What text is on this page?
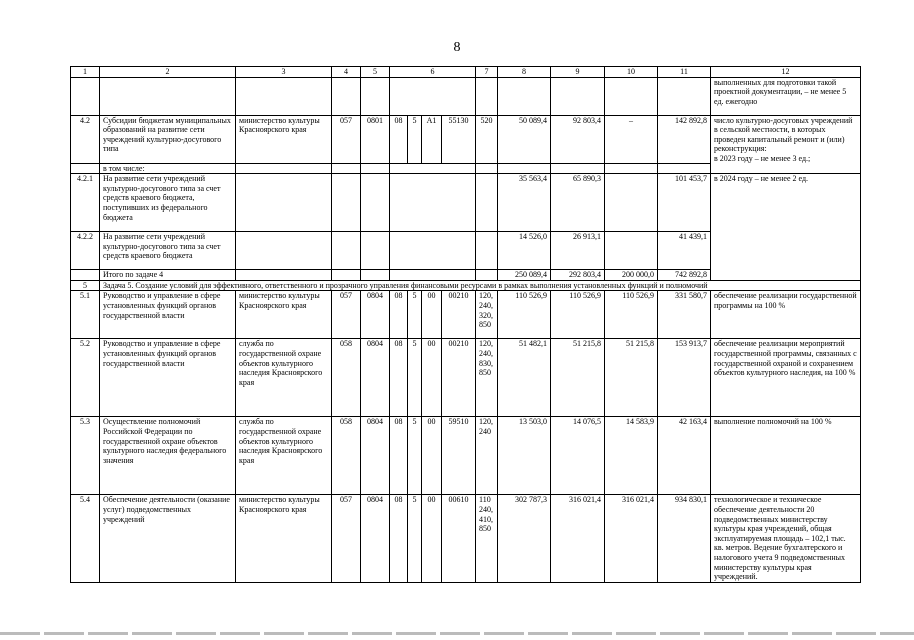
8
1	2	3	4	5	6				7	8	9	10	11	12
														выполненных для подготовки такой проектной документации, – не менее 5 ед. ежегодно
4.2	Субсидии бюджетам муниципальных образований на развитие сети учреждений культурно-досугового типа	министерство культуры Красноярского края	057	0801	08	5	А1	55130	520	50 089,4	92 803,4	–	142 892,8	число культурно-досуговых учреждений в сельской местности, в которых проведен капитальный ремонт и (или) реконструкция:
в 2023 году – не менее 3 ед.;
	в том числе:													
4.2.1	На развитие сети учреждений культурно-досугового типа за счет средств краевого бюджета, поступивших из федерального бюджета									35 563,4	65 890,3		101 453,7	в 2024 году – не менее 2 ед.
4.2.2	На развитие сети учреждений культурно-досугового типа за счет средств краевого бюджета									14 526,0	26 913,1		41 439,1	
	Итого по задаче 4									250 089,4	292 803,4	200 000,0	742 892,8	
5	Задача 5. Создание условий для эффективного, ответственного и прозрачного управления финансовыми ресурсами в рамках выполнения установленных функций и полномочий													
5.1	Руководство и управление в сфере установленных функций органов государственной власти	министерство культуры Красноярского края	057	0804	08	5	00	00210	120, 240, 320, 850	110 526,9	110 526,9	110 526,9	331 580,7	обеспечение реализации государственной программы на 100 %
5.2	Руководство и управление в сфере установленных функций органов государственной власти	служба по государственной охране объектов культурного наследия Красноярского края	058	0804	08	5	00	00210	120, 240, 830, 850	51 482,1	51 215,8	51 215,8	153 913,7	обеспечение реализации мероприятий государственной программы, связанных с государственной охраной и сохранением объектов культурного наследия, на 100 %
5.3	Осуществление полномочий Российской Федерации по государственной охране объектов культурного наследия федерального значения	служба по государственной охране объектов культурного наследия Красноярского края	058	0804	08	5	00	59510	120, 240	13 503,0	14 076,5	14 583,9	42 163,4	выполнение полномочий на 100 %
5.4	Обеспечение деятельности (оказание услуг) подведомственных учреждений	министерство культуры Красноярского края	057	0804	08	5	00	00610	110 240, 410, 850	302 787,3	316 021,4	316 021,4	934 830,1	технологическое и техническое обеспечение деятельности 20 подведомственных министерству культуры края учреждений, общая эксплуатируемая площадь – 102,1 тыс. кв. метров. Ведение бухгалтерского и налогового учета 9 подведомственных министерству культуры края учреждений.
